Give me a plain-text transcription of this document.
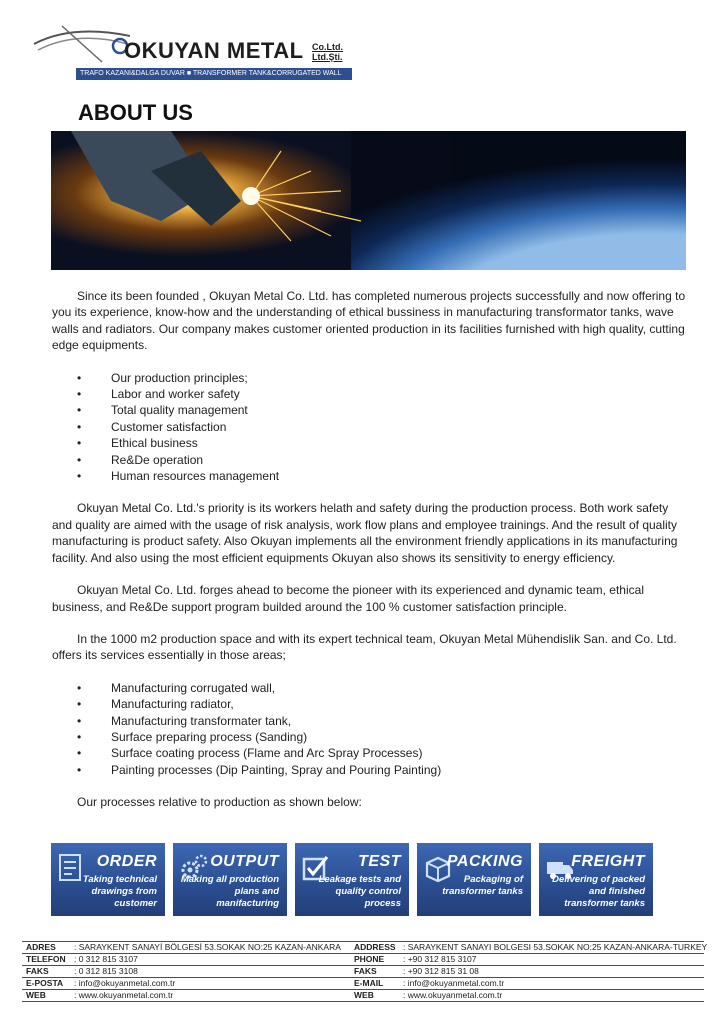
OKUYAN METAL Co.Ltd.
Ltd.Şti.
TRAFO KAZANI&DALGA DUVAR ■ TRANSFORMER TANK&CORRUGATED WALL
ABOUT US

Since its been founded , Okuyan Metal Co. Ltd. has completed numerous projects successfully and now offering to you its experience, know-how and the understanding of ethical bussiness in manufacturing transformator tanks, wave walls and radiators. Our company makes customer oriented production in its facilities furnished with high quality, cutting edge equipments.

• Our production principles;
• Labor and worker safety
• Total quality management
• Customer satisfaction
• Ethical business
• Re&De operation
• Human resources management

Okuyan Metal Co. Ltd.'s priority is its workers helath and safety during the production process. Both work safety and quality are aimed with the usage of risk analysis, work flow plans and employee trainings. And the result of quality manufacturing is product safety. Also Okuyan implements all the environment friendly applications in its manufacturing facility. And also using the most efficient equipments Okuyan also shows its sensitivity to energy efficiency.

Okuyan Metal Co. Ltd. forges ahead to become the pioneer with its experienced and dynamic team, ethical business, and Re&De support program builded around the 100 % customer satisfaction principle.

In the 1000 m2 production space and with its expert technical team, Okuyan Metal Mühendislik San. and Co. Ltd. offers its services essentially in those areas;

• Manufacturing corrugated wall,
• Manufacturing radiator,
• Manufacturing transformater tank,
• Surface preparing process (Sanding)
• Surface coating process (Flame and Arc Spray Processes)
• Painting processes (Dip Painting, Spray and Pouring Painting)

Our processes relative to production as shown below:

ORDER
Taking technical drawings from customer
OUTPUT
Making all production plans and manifacturing
TEST
Leakage tests and quality control process
PACKING
Packaging of transformer tanks
FREIGHT
Delivering of packed and finished transformer tanks
ADRES : SARAYKENT SANAYİ BÖLGESİ 53.SOKAK NO:25 KAZAN-ANKARA ADDRESS : SARAYKENT SANAYI BOLGESI 53.SOKAK NO:25 KAZAN-ANKARA-TURKEY
TELEFON : 0 312 815 3107	PHONE : +90 312 815 3107
FAKS	: 0 312 815 3108	FAKS	: +90 312 815 31 08
E-POSTA : info@okuyanmetal.com.tr	E-MAIL : info@okuyanmetal.com.tr
WEB	: www.okuyanmetal.com.tr	WEB	: www.okuyanmetal.com.tr
